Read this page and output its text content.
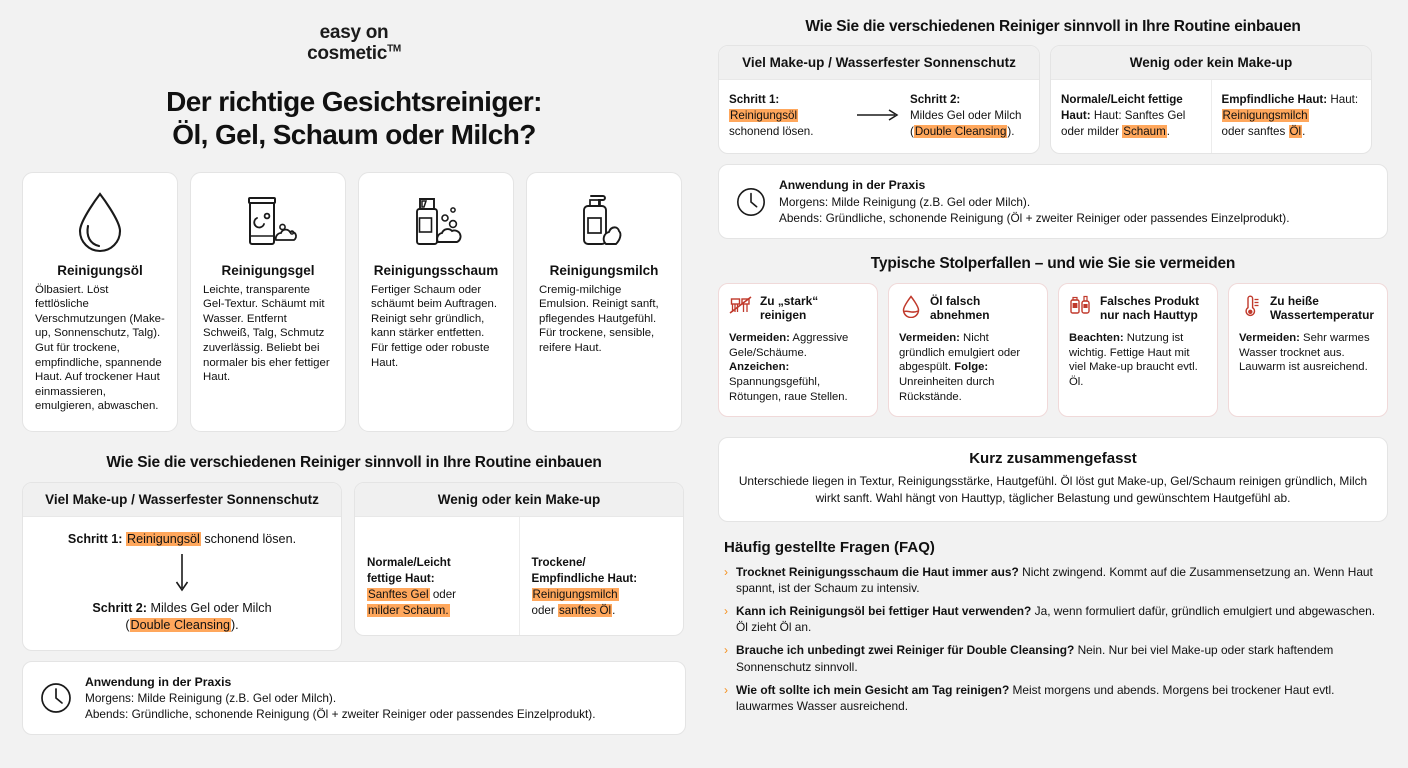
easy on
cosmetic™
Der richtige Gesichtsreiniger:
Öl, Gel, Schaum oder Milch?
Reinigungsöl
Ölbasiert. Löst fettlösliche Verschmutzungen (Make-up, Sonnenschutz, Talg). Gut für trockene, empfindliche, spannende Haut. Auf trockener Haut einmassieren, emulgieren, abwaschen.
Reinigungsgel
Leichte, transparente Gel-Textur. Schäumt mit Wasser. Entfernt Schweiß, Talg, Schmutz zuverlässig. Beliebt bei normaler bis eher fettiger Haut.
Reinigungsschaum
Fertiger Schaum oder schäumt beim Auftragen. Reinigt sehr gründlich, kann stärker entfetten. Für fettige oder robuste Haut.
Reinigungsmilch
Cremig-milchige Emulsion. Reinigt sanft, pflegendes Hautgefühl. Für trockene, sensible, reifere Haut.
Wie Sie die verschiedenen Reiniger sinnvoll in Ihre Routine einbauen
Viel Make-up / Wasserfester Sonnenschutz
Schritt 1: Reinigungsöl schonend lösen.
Schritt 2: Mildes Gel oder Milch
(Double Cleansing).
Wenig oder kein Make-up
Normale/Leicht
fettige Haut:
Sanftes Gel oder
milder Schaum.
Trockene/
Empfindliche Haut:
Reinigungsmilch
oder sanftes Öl.
Anwendung in der Praxis
Morgens: Milde Reinigung (z.B. Gel oder Milch).
Abends: Gründliche, schonende Reinigung (Öl + zweiter Reiniger oder passendes Einzelprodukt).
Wie Sie die verschiedenen Reiniger sinnvoll in Ihre Routine einbauen
Viel Make-up / Wasserfester Sonnenschutz
Schritt 1:
Reinigungsöl
schonend lösen.
Schritt 2:
Mildes Gel oder Milch
(Double Cleansing).
Wenig oder kein Make-up
Normale/Leicht fettige Haut: Haut: Sanftes Gel oder milder Schaum.
Empfindliche Haut: Haut: Reinigungsmilch
oder sanftes Öl.
Anwendung in der Praxis
Morgens: Milde Reinigung (z.B. Gel oder Milch).
Abends: Gründliche, schonende Reinigung (Öl + zweiter Reiniger oder passendes Einzelprodukt).
Typische Stolperfallen – und wie Sie sie vermeiden
Zu „stark“
reinigen
Vermeiden: Aggressive Gele/Schäume. Anzeichen: Spannungsgefühl, Rötungen, raue Stellen.
Öl falsch
abnehmen
Vermeiden: Nicht gründlich emulgiert oder abgespült. Folge: Unreinheiten durch Rückstände.
Falsches Produkt
nur nach Hauttyp
Beachten: Nutzung ist wichtig. Fettige Haut mit viel Make-up braucht evtl. Öl.
Zu heiße
Wassertemperatur
Vermeiden: Sehr warmes Wasser trocknet aus. Lauwarm ist ausreichend.
Kurz zusammengefasst
Unterschiede liegen in Textur, Reinigungsstärke, Hautgefühl. Öl löst gut Make-up, Gel/Schaum reinigen gründlich, Milch wirkt sanft. Wahl hängt von Hauttyp, täglicher Belastung und gewünschtem Hautgefühl ab.
Häufig gestellte Fragen (FAQ)
› Trocknet Reinigungsschaum die Haut immer aus? Nicht zwingend. Kommt auf die Zusammensetzung an. Wenn Haut spannt, ist der Schaum zu intensiv.
› Kann ich Reinigungsöl bei fettiger Haut verwenden? Ja, wenn formuliert dafür, gründlich emulgiert und abgewaschen. Öl zieht Öl an.
› Brauche ich unbedingt zwei Reiniger für Double Cleansing? Nein. Nur bei viel Make-up oder stark haftendem Sonnenschutz sinnvoll.
› Wie oft sollte ich mein Gesicht am Tag reinigen? Meist morgens und abends. Morgens bei trockener Haut evtl. lauwarmes Wasser ausreichend.
